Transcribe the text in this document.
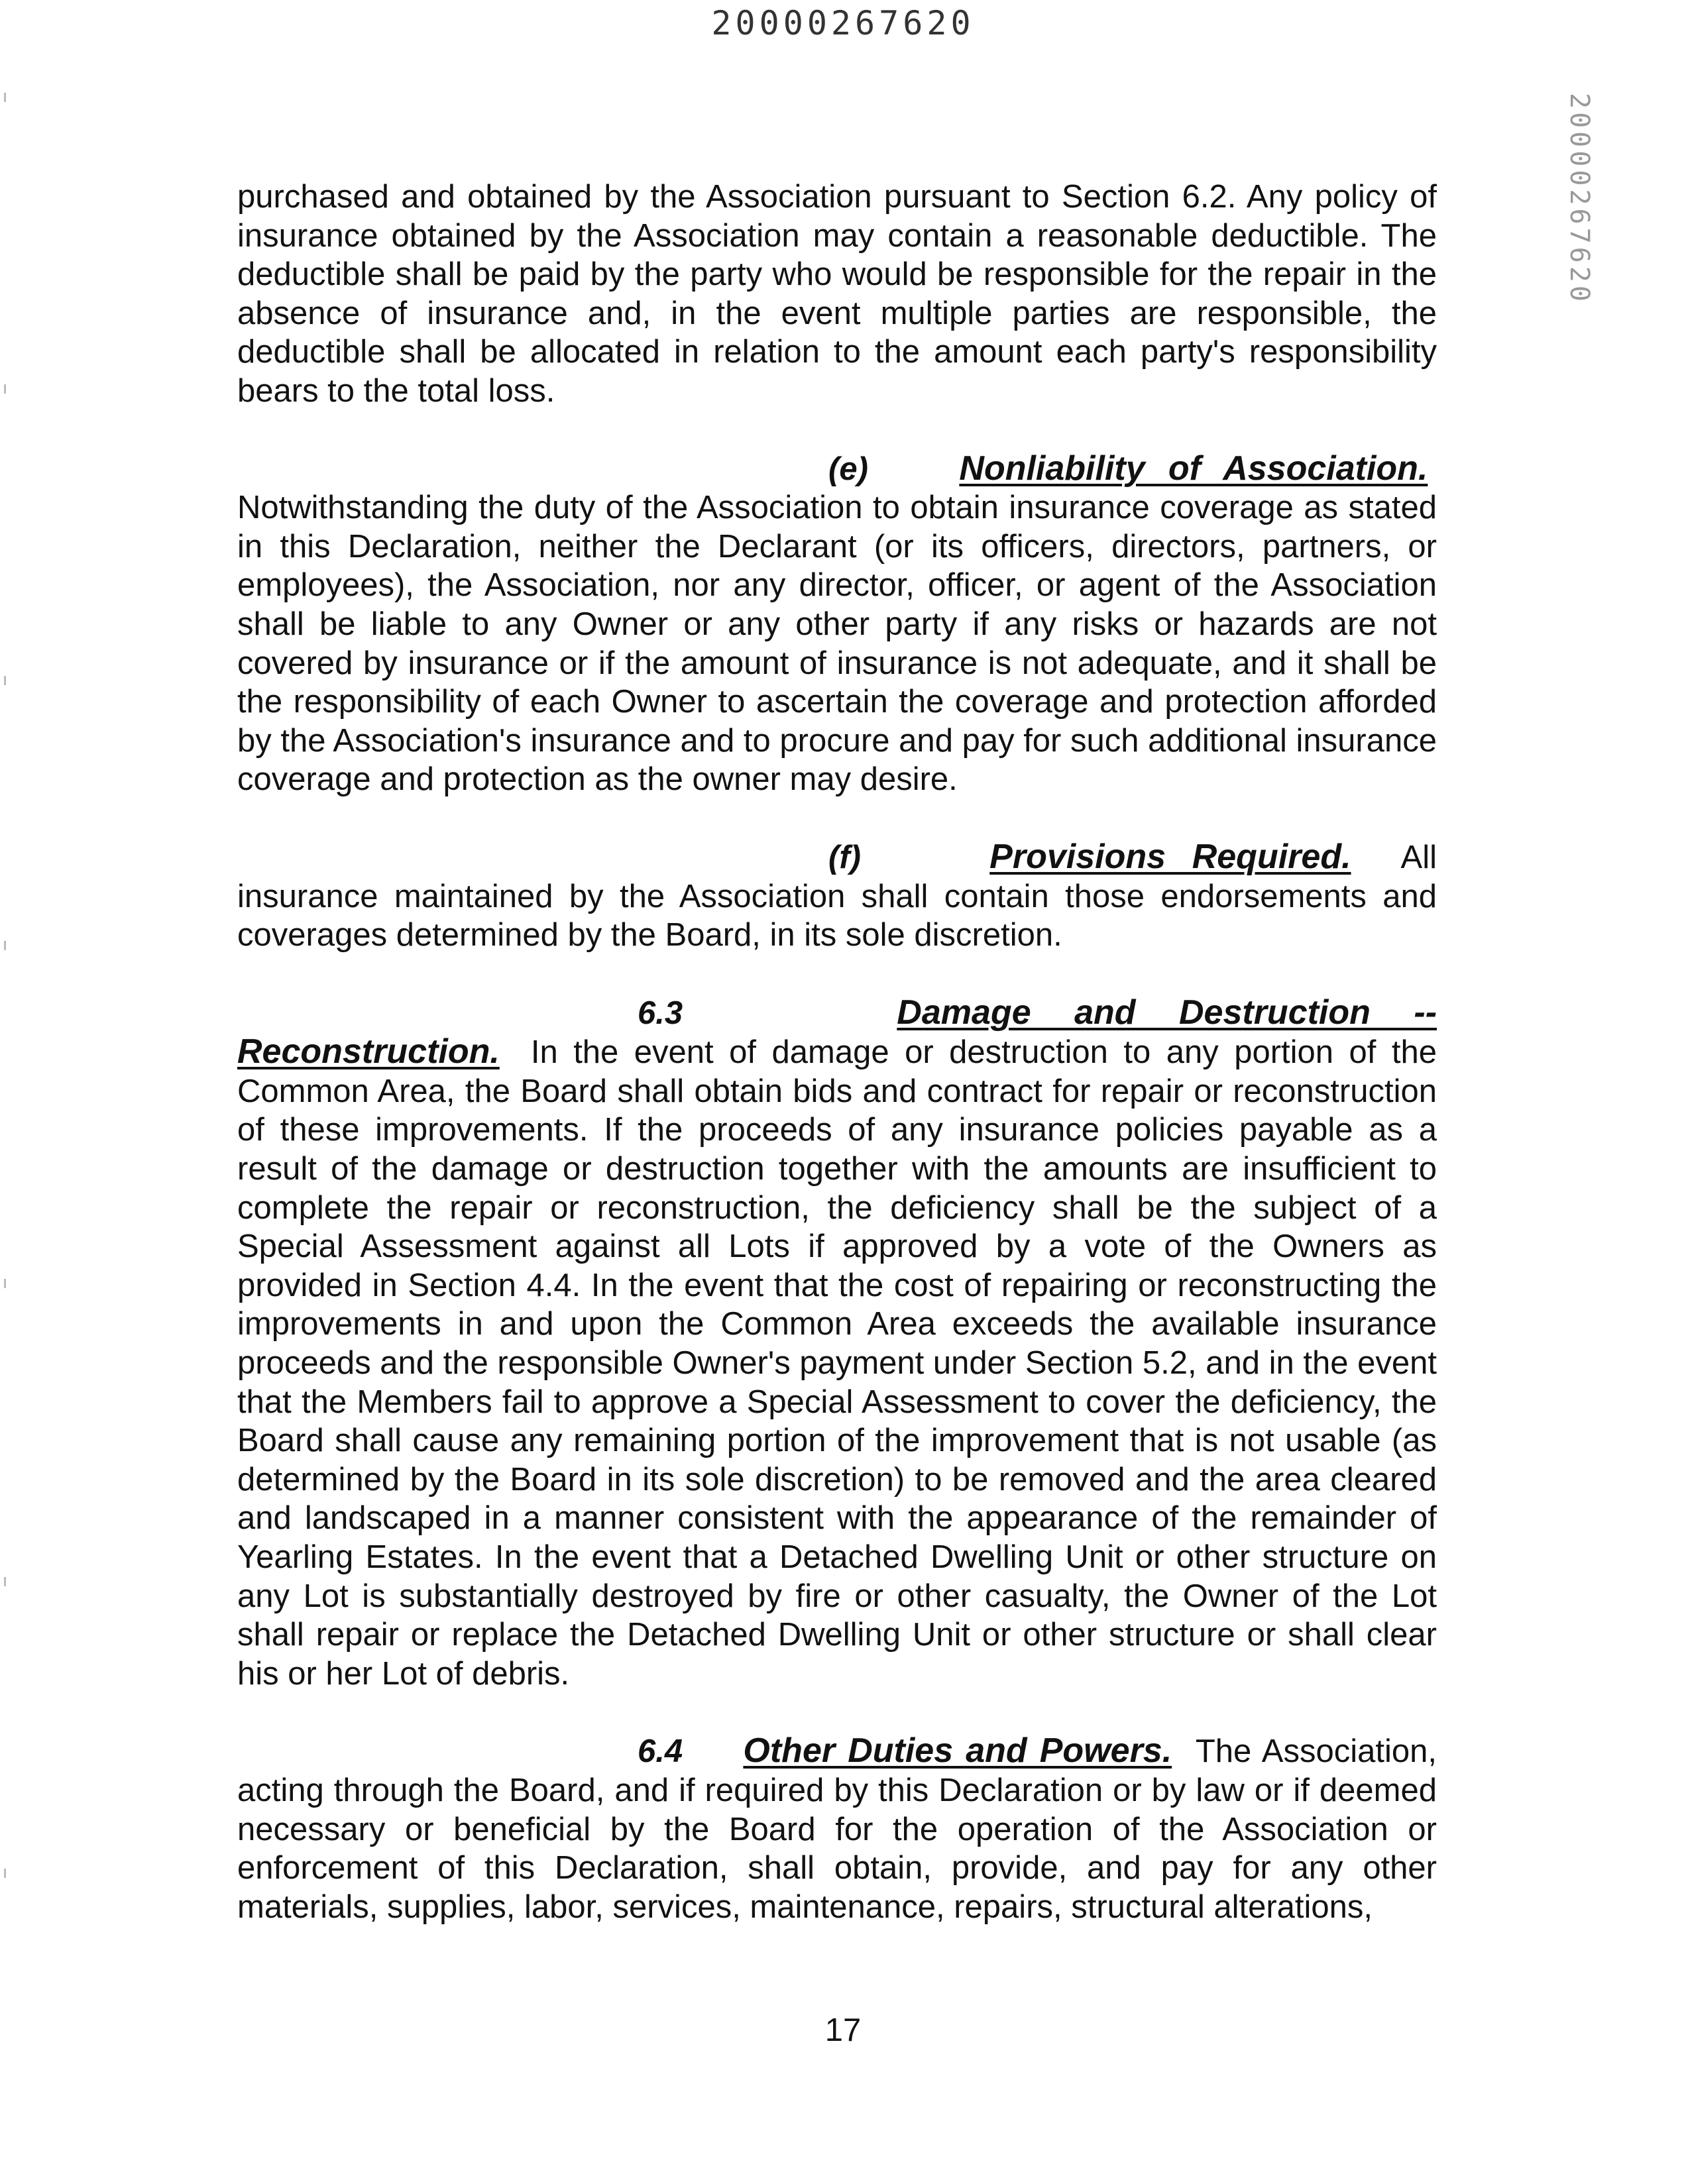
20000267620
20000267620

purchased and obtained by the Association pursuant to Section 6.2. Any policy of insurance obtained by the Association may contain a reasonable deductible. The deductible shall be paid by the party who would be responsible for the repair in the absence of insurance and, in the event multiple parties are responsible, the deductible shall be allocated in relation to the amount each party's responsibility bears to the total loss.

(e)	Nonliability of Association.  Notwithstanding the duty of the Association to obtain insurance coverage as stated in this Declaration, neither the Declarant (or its officers, directors, partners, or employees), the Association, nor any director, officer, or agent of the Association shall be liable to any Owner or any other party if any risks or hazards are not covered by insurance or if the amount of insurance is not adequate, and it shall be the responsibility of each Owner to ascertain the coverage and protection afforded by the Association's insurance and to procure and pay for such additional insurance coverage and protection as the owner may desire.

(f)	Provisions Required. All insurance maintained by the Association shall contain those endorsements and coverages determined by the Board, in its sole discretion.

6.3	Damage and Destruction -- Reconstruction. In the event of damage or destruction to any portion of the Common Area, the Board shall obtain bids and contract for repair or reconstruction of these improvements. If the proceeds of any insurance policies payable as a result of the damage or destruction together with the amounts are insufficient to complete the repair or reconstruction, the deficiency shall be the subject of a Special Assessment against all Lots if approved by a vote of the Owners as provided in Section 4.4. In the event that the cost of repairing or reconstructing the improvements in and upon the Common Area exceeds the available insurance proceeds and the responsible Owner's payment under Section 5.2, and in the event that the Members fail to approve a Special Assessment to cover the deficiency, the Board shall cause any remaining portion of the improvement that is not usable (as determined by the Board in its sole discretion) to be removed and the area cleared and landscaped in a manner consistent with the appearance of the remainder of Yearling Estates. In the event that a Detached Dwelling Unit or other structure on any Lot is substantially destroyed by fire or other casualty, the Owner of the Lot shall repair or replace the Detached Dwelling Unit or other structure or shall clear his or her Lot of debris.

6.4 Other Duties and Powers. The Association, acting through the Board, and if required by this Declaration or by law or if deemed necessary or beneficial by the Board for the operation of the Association or enforcement of this Declaration, shall obtain, provide, and pay for any other materials, supplies, labor, services, maintenance, repairs, structural alterations,

17
